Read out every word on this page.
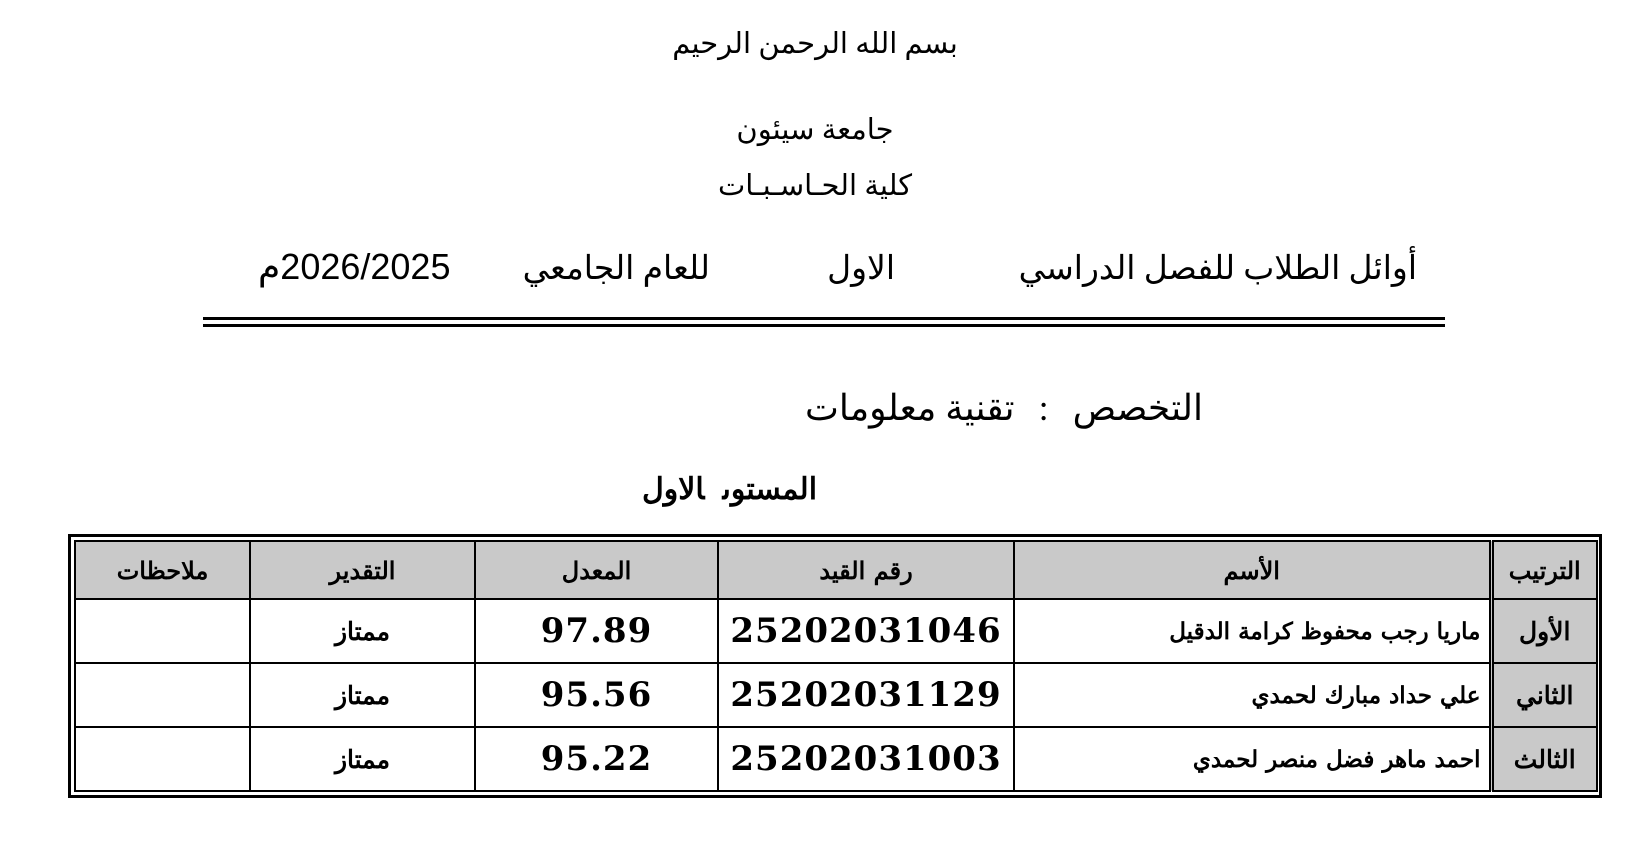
بسم الله الرحمن الرحيم
جامعة سيئون
كلية الحـاسـبـات
أوائل الطلاب للفصل الدراسي
الاول
للعام الجامعي
2026/2025م
التخصص:تقنية معلومات
المستوىالاول
الترتيب	الأسم	رقم القيد	المعدل	التقدير	ملاحظات
الأول	ماريا رجب محفوظ كرامة الدقيل	25202031046	97.89	ممتاز	
الثاني	علي حداد مبارك لحمدي	25202031129	95.56	ممتاز	
الثالث	احمد ماهر فضل منصر لحمدي	25202031003	95.22	ممتاز	
